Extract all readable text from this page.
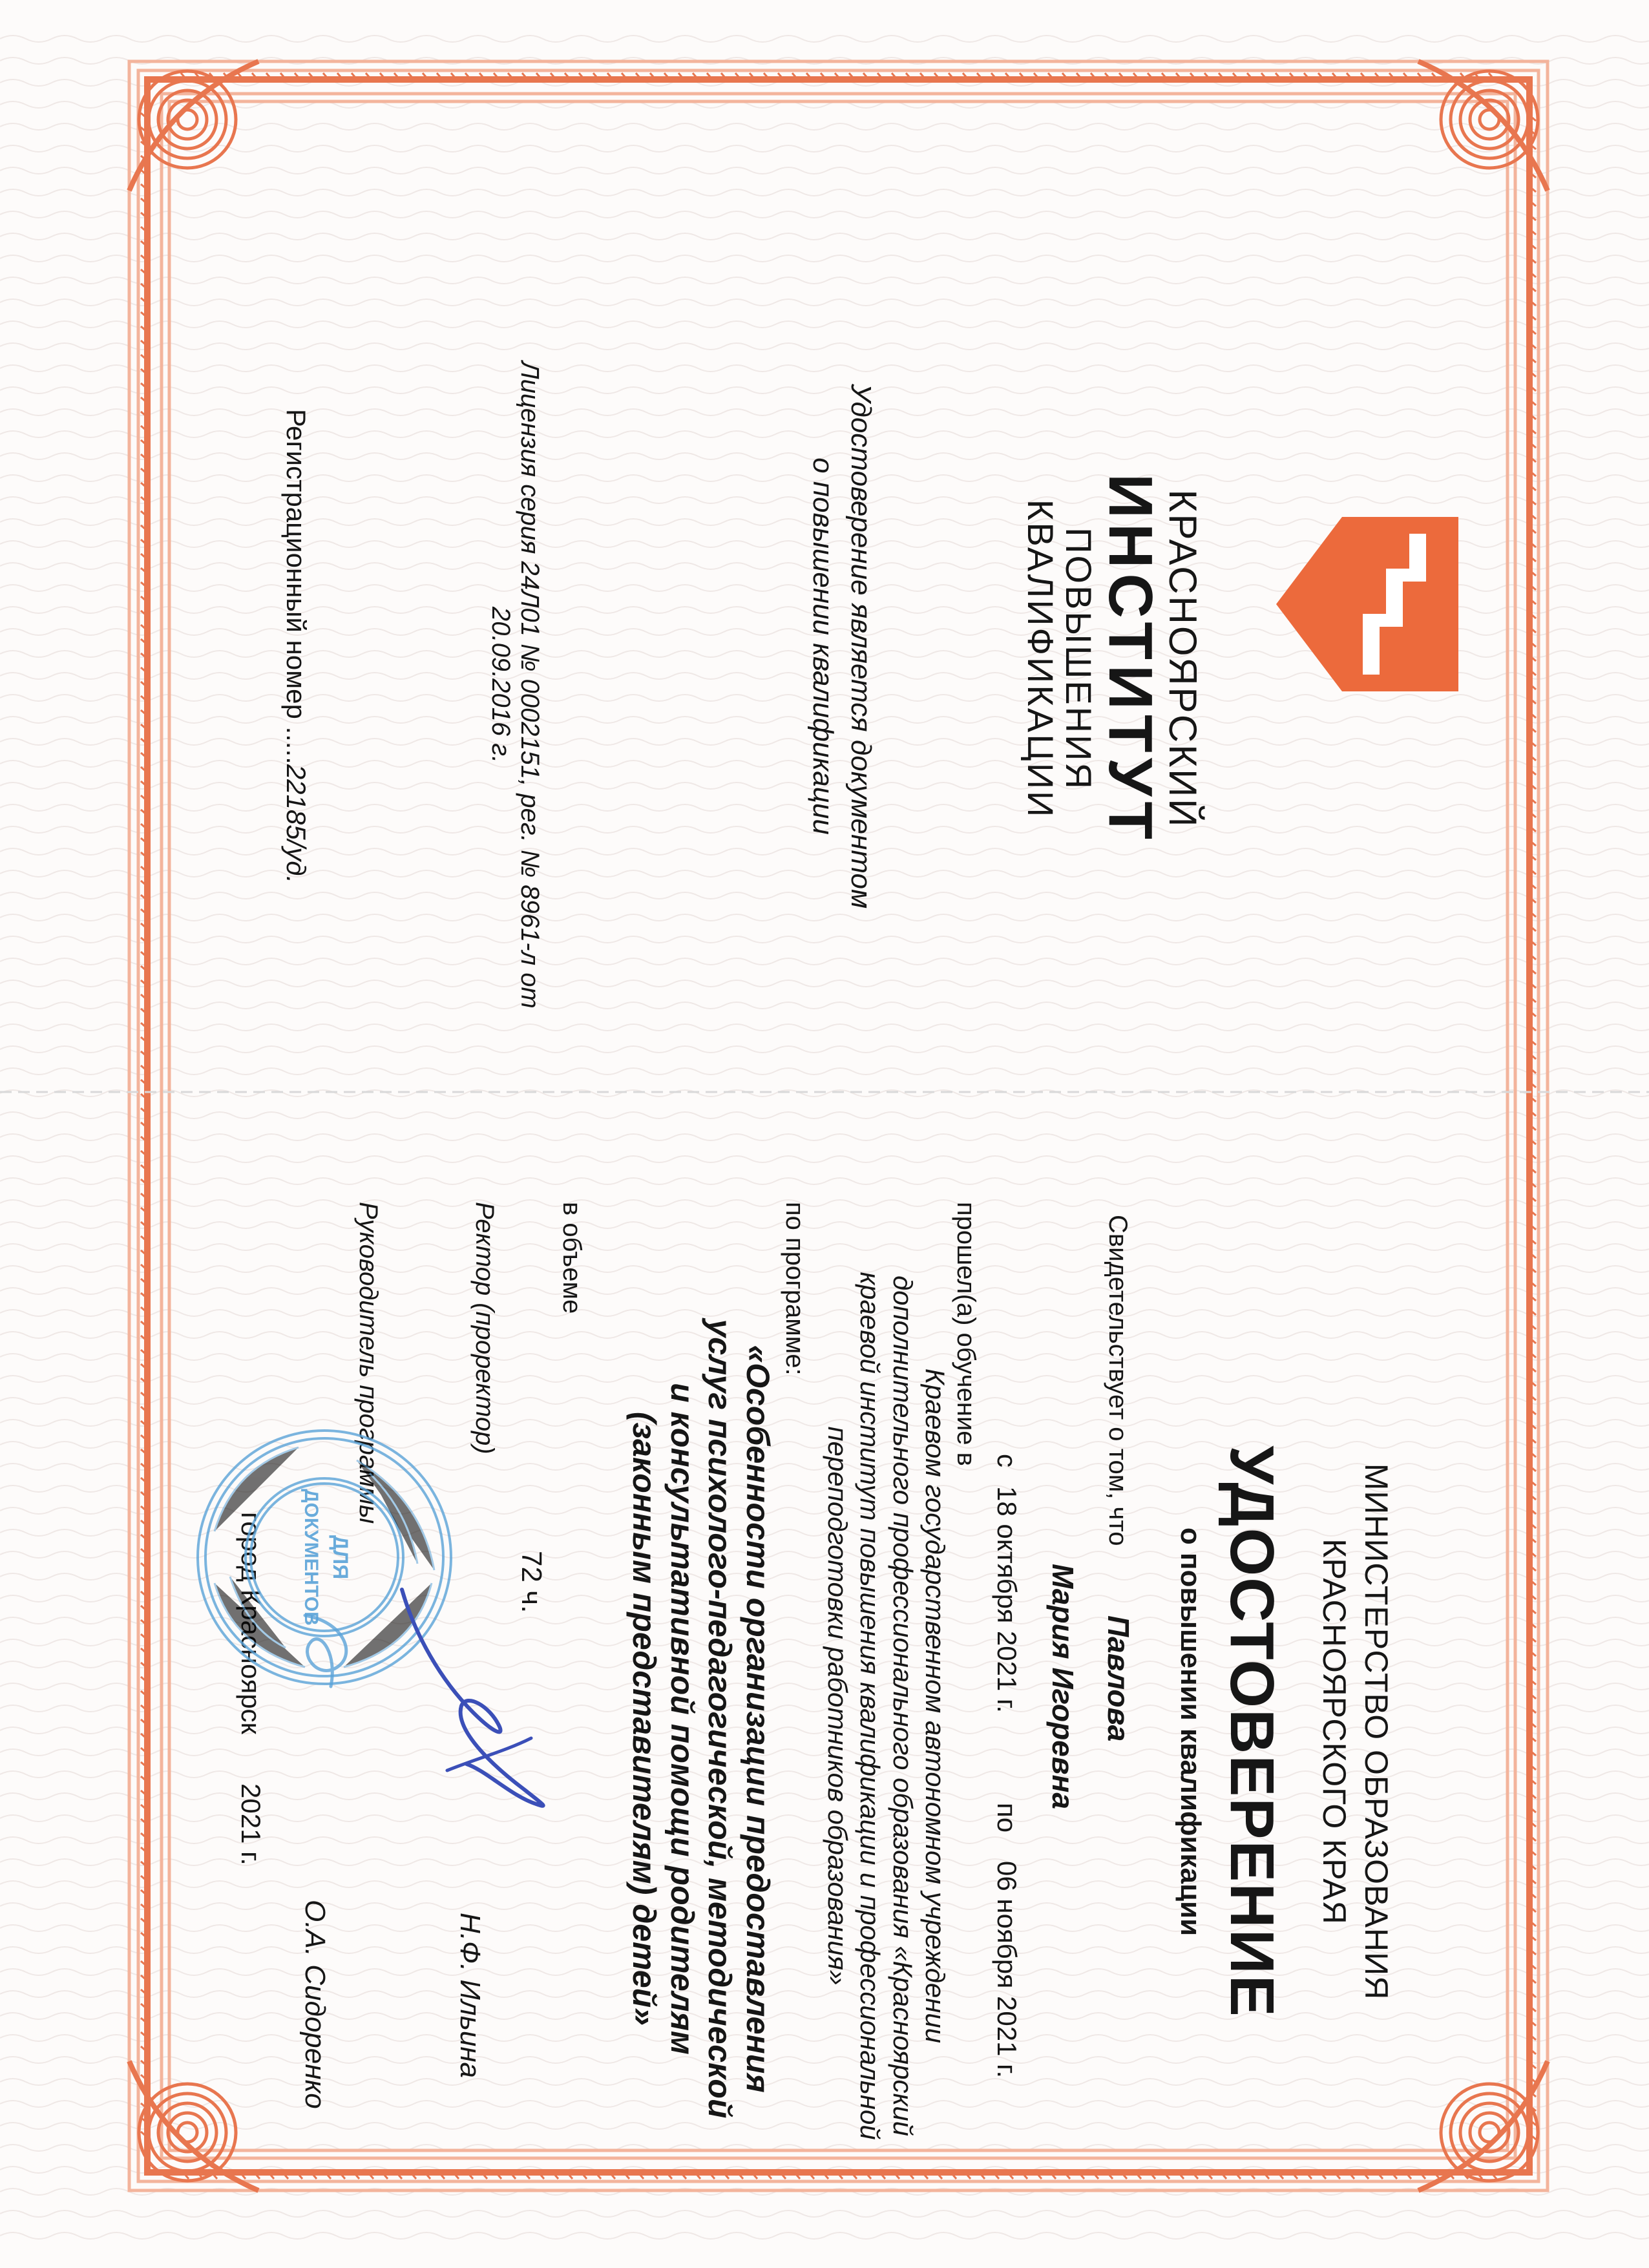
КРАСНОЯРСКИЙ
ИНСТИТУТ
ПОВЫШЕНИЯ
КВАЛИФИКАЦИИ
Удостоверение является документом
о повышении квалификации
Лицензия серия 24Л01 № 0002151, рег. № 8961-л от 20.09.2016 г.
Регистрационный номер .....22185/уд.
МИНИСТЕРСТВО ОБРАЗОВАНИЯ
КРАСНОЯРСКОГО КРАЯ
УДОСТОВЕРЕНИЕ
о повышении квалификации
Свидетельствует о том, что
Павлова
Мария Игоревна
с
18 октября 2021 г.
по
06 ноября 2021 г.
прошел(а) обучение в
Краевом государственном автономном учреждении
дополнительного профессионального образования «Красноярский
краевой институт повышения квалификации и профессиональной
переподготовки работников образования»
по программе:
«Особенности организации предоставления
услуг психолого-педагогической, методической
и консультативной помощи родителям
(законным представителям) детей»
в объеме
72 ч.
Ректор (проректор)
Н.Ф. Ильина
Руководитель программы
О.А. Сидоренко
2021 г.
ДЛЯ
ДОКУМЕНТОВ
